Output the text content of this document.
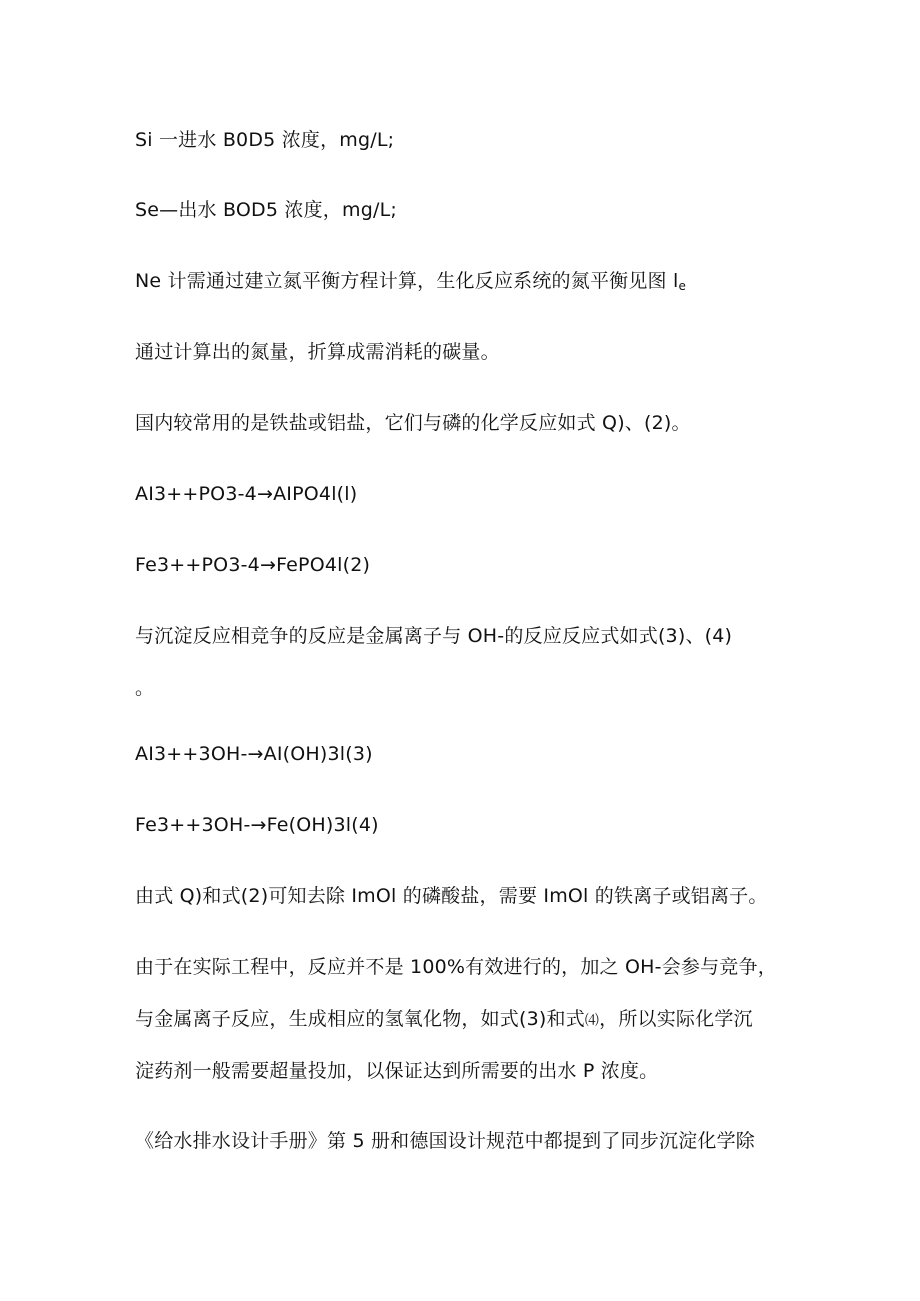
Si 一进水 B0D5 浓度，mg/L;
Se—出水 BOD5 浓度，mg/L;
Ne 计需通过建立氮平衡方程计算，生化反应系统的氮平衡见图 $l_e$
通过计算出的氮量，折算成需消耗的碳量。
国内较常用的是铁盐或铝盐，它们与磷的化学反应如式 Q)、(2)。
AI3++PO3-4→AIPO4l(l)
Fe3++PO3-4→FePO4l(2)
与沉淀反应相竞争的反应是金属离子与 OH-的反应反应式如式(3)、(4)
。
AI3++3OH-→AI(OH)3l(3)
Fe3++3OH-→Fe(OH)3l(4)
由式 Q)和式(2)可知去除 ImOl 的磷酸盐，需要 ImOl 的铁离子或铝离子。
由于在实际工程中，反应并不是 100%有效进行的，加之 OH-会参与竞争，
与金属离子反应，生成相应的氢氧化物，如式(3)和式⑷，所以实际化学沉
淀药剂一般需要超量投加，以保证达到所需要的出水 P 浓度。
《给水排水设计手册》第 5 册和德国设计规范中都提到了同步沉淀化学除
